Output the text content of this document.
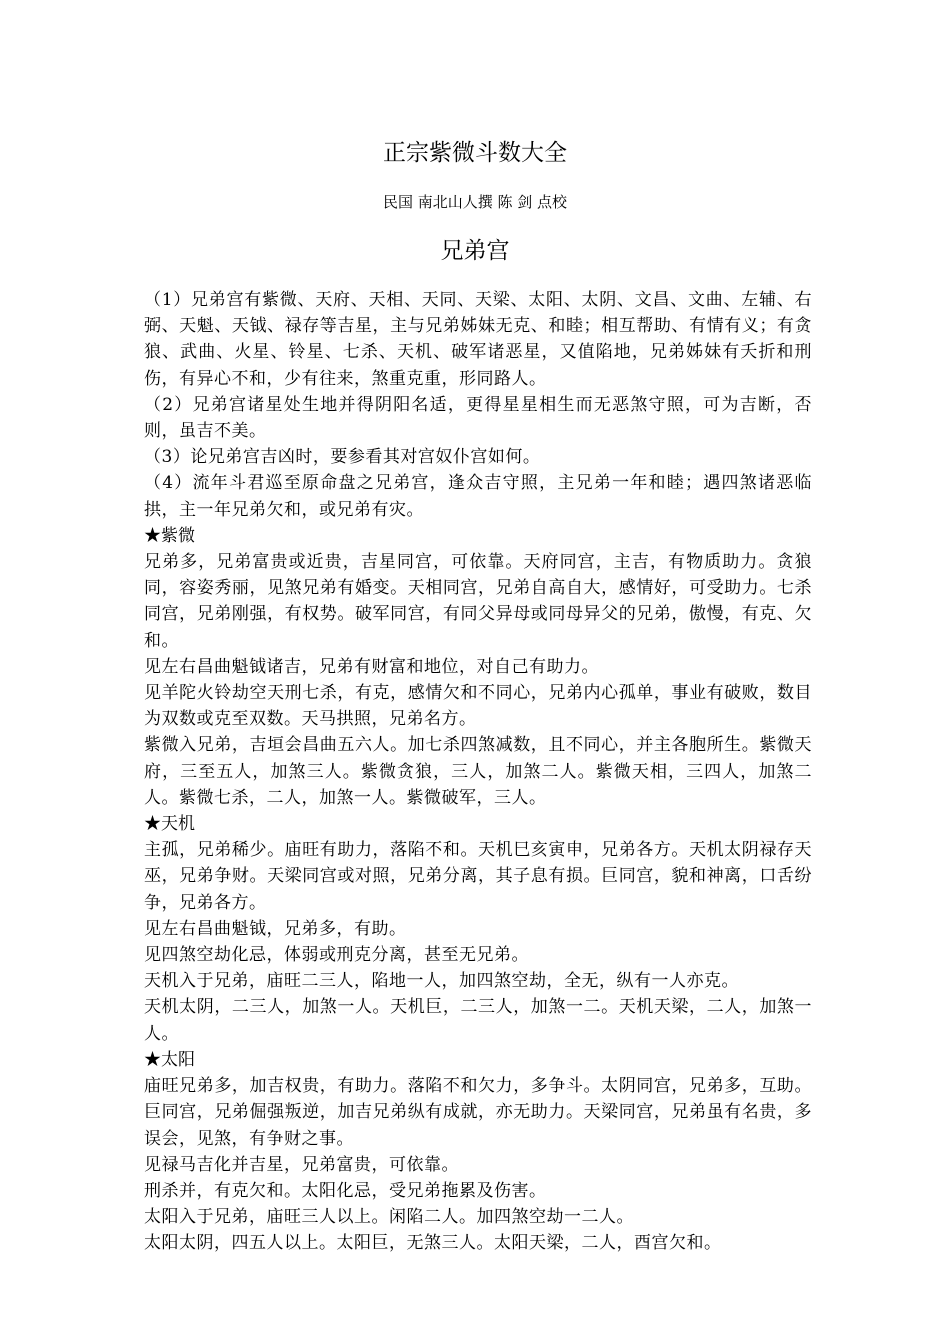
正宗紫微斗数大全
民国 南北山人撰 陈 剑 点校
兄弟宫

（1）兄弟宫有紫微、天府、天相、天同、天梁、太阳、太阴、文昌、文曲、左辅、右弼、天魁、天钺、禄存等吉星，主与兄弟姊妹无克、和睦；相互帮助、有情有义；有贪狼、武曲、火星、铃星、七杀、天机、破军诸恶星，又值陷地，兄弟姊妹有夭折和刑伤，有异心不和，少有往来，煞重克重，形同路人。

（2）兄弟宫诸星处生地并得阴阳名适，更得星星相生而无恶煞守照，可为吉断，否则，虽吉不美。

（3）论兄弟宫吉凶时，要参看其对宫奴仆宫如何。

（4）流年斗君巡至原命盘之兄弟宫，逢众吉守照，主兄弟一年和睦；遇四煞诸恶临拱，主一年兄弟欠和，或兄弟有灾。

★紫微

兄弟多，兄弟富贵或近贵，吉星同宫，可依靠。天府同宫，主吉，有物质助力。贪狼同，容姿秀丽，见煞兄弟有婚变。天相同宫，兄弟自高自大，感情好，可受助力。七杀同宫，兄弟刚强，有权势。破军同宫，有同父异母或同母异父的兄弟，傲慢，有克、欠和。

见左右昌曲魁钺诸吉，兄弟有财富和地位，对自己有助力。

见羊陀火铃劫空天刑七杀，有克，感情欠和不同心，兄弟内心孤单，事业有破败，数目为双数或克至双数。天马拱照，兄弟名方。

紫微入兄弟，吉垣会昌曲五六人。加七杀四煞减数，且不同心，并主各胞所生。紫微天府，三至五人，加煞三人。紫微贪狼，三人，加煞二人。紫微天相，三四人，加煞二人。紫微七杀，二人，加煞一人。紫微破军，三人。

★天机

主孤，兄弟稀少。庙旺有助力，落陷不和。天机巳亥寅申，兄弟各方。天机太阴禄存天巫，兄弟争财。天梁同宫或对照，兄弟分离，其子息有损。巨同宫，貌和神离，口舌纷争，兄弟各方。

见左右昌曲魁钺，兄弟多，有助。

见四煞空劫化忌，体弱或刑克分离，甚至无兄弟。

天机入于兄弟，庙旺二三人，陷地一人，加四煞空劫，全无，纵有一人亦克。

天机太阴，二三人，加煞一人。天机巨，二三人，加煞一二。天机天梁，二人，加煞一人。

★太阳

庙旺兄弟多，加吉权贵，有助力。落陷不和欠力，多争斗。太阴同宫，兄弟多，互助。巨同宫，兄弟倔强叛逆，加吉兄弟纵有成就，亦无助力。天梁同宫，兄弟虽有名贵，多误会，见煞，有争财之事。

见禄马吉化并吉星，兄弟富贵，可依靠。

刑杀并，有克欠和。太阳化忌，受兄弟拖累及伤害。

太阳入于兄弟，庙旺三人以上。闲陷二人。加四煞空劫一二人。

太阳太阴，四五人以上。太阳巨，无煞三人。太阳天梁，二人，酉宫欠和。
